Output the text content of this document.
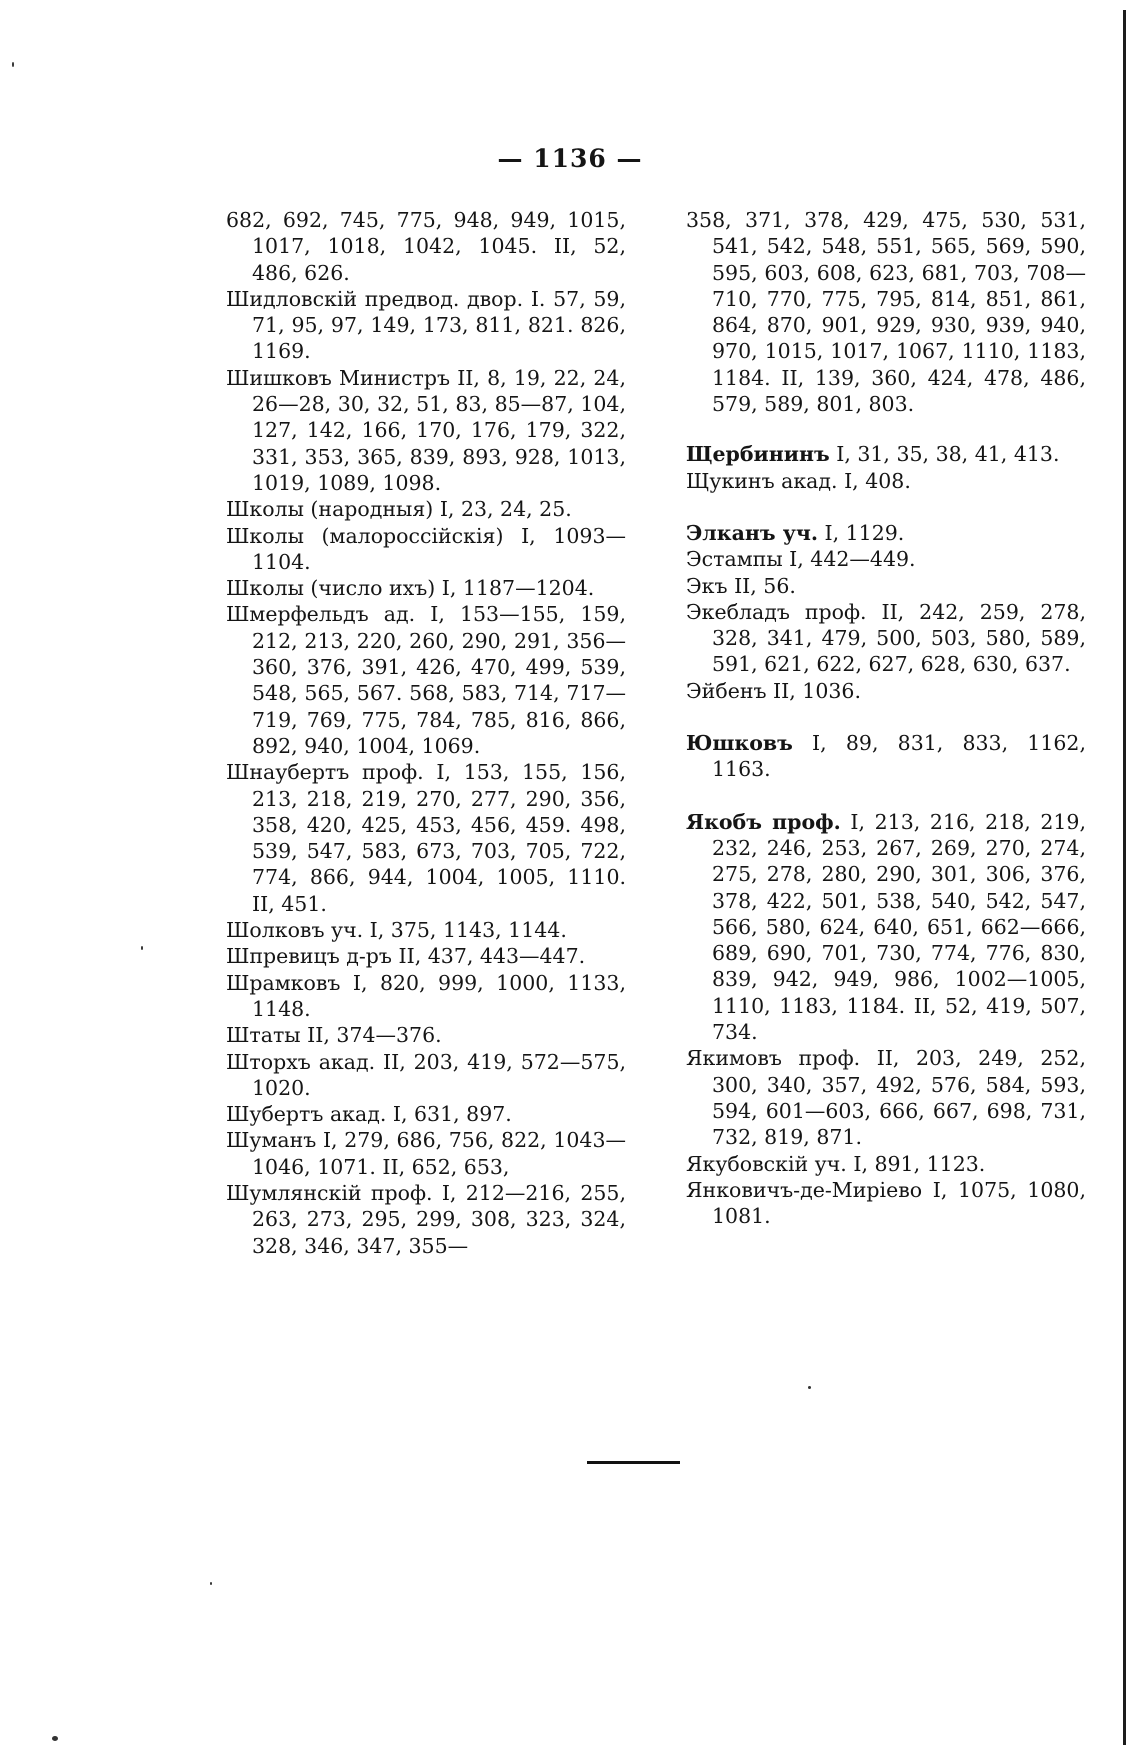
— 1136 —

682, 692, 745, 775, 948, 949, 1015, 1017, 1018, 1042, 1045. II, 52, 486, 626.

Шидловскій предвод. двор. I. 57, 59, 71, 95, 97, 149, 173, 811, 821. 826, 1169.

Шишковъ Министръ II, 8, 19, 22, 24, 26—28, 30, 32, 51, 83, 85—87, 104, 127, 142, 166, 170, 176, 179, 322, 331, 353, 365, 839, 893, 928, 1013, 1019, 1089, 1098.

Школы (народныя) I, 23, 24, 25.

Школы (малороссійскія) I, 1093—1104.

Школы (число ихъ) I, 1187—1204.

Шмерфельдъ ад. I, 153—155, 159, 212, 213, 220, 260, 290, 291, 356—360, 376, 391, 426, 470, 499, 539, 548, 565, 567. 568, 583, 714, 717—719, 769, 775, 784, 785, 816, 866, 892, 940, 1004, 1069.

Шнаубертъ проф. I, 153, 155, 156, 213, 218, 219, 270, 277, 290, 356, 358, 420, 425, 453, 456, 459. 498, 539, 547, 583, 673, 703, 705, 722, 774, 866, 944, 1004, 1005, 1110. II, 451.

Шолковъ уч. I, 375, 1143, 1144.

Шпревицъ д-ръ II, 437, 443—447.

Шрамковъ I, 820, 999, 1000, 1133, 1148.

Штаты II, 374—376.

Шторхъ акад. II, 203, 419, 572—575, 1020.

Шубертъ акад. I, 631, 897.

Шуманъ I, 279, 686, 756, 822, 1043—1046, 1071. II, 652, 653,

Шумлянскій проф. I, 212—216, 255, 263, 273, 295, 299, 308, 323, 324, 328, 346, 347, 355—

358, 371, 378, 429, 475, 530, 531, 541, 542, 548, 551, 565, 569, 590, 595, 603, 608, 623, 681, 703, 708—710, 770, 775, 795, 814, 851, 861, 864, 870, 901, 929, 930, 939, 940, 970, 1015, 1017, 1067, 1110, 1183, 1184. II, 139, 360, 424, 478, 486, 579, 589, 801, 803.

Щербининъ I, 31, 35, 38, 41, 413.

Щукинъ акад. I, 408.

Элканъ уч. I, 1129.

Эстампы I, 442—449.

Экъ II, 56.

Экебладъ проф. II, 242, 259, 278, 328, 341, 479, 500, 503, 580, 589, 591, 621, 622, 627, 628, 630, 637.

Эйбенъ II, 1036.

Юшковъ I, 89, 831, 833, 1162, 1163.

Якобъ проф. I, 213, 216, 218, 219, 232, 246, 253, 267, 269, 270, 274, 275, 278, 280, 290, 301, 306, 376, 378, 422, 501, 538, 540, 542, 547, 566, 580, 624, 640, 651, 662—666, 689, 690, 701, 730, 774, 776, 830, 839, 942, 949, 986, 1002—1005, 1110, 1183, 1184. II, 52, 419, 507, 734.

Якимовъ проф. II, 203, 249, 252, 300, 340, 357, 492, 576, 584, 593, 594, 601—603, 666, 667, 698, 731, 732, 819, 871.

Якубовскій уч. I, 891, 1123.

Янковичъ-де-Миріево I, 1075, 1080, 1081.
